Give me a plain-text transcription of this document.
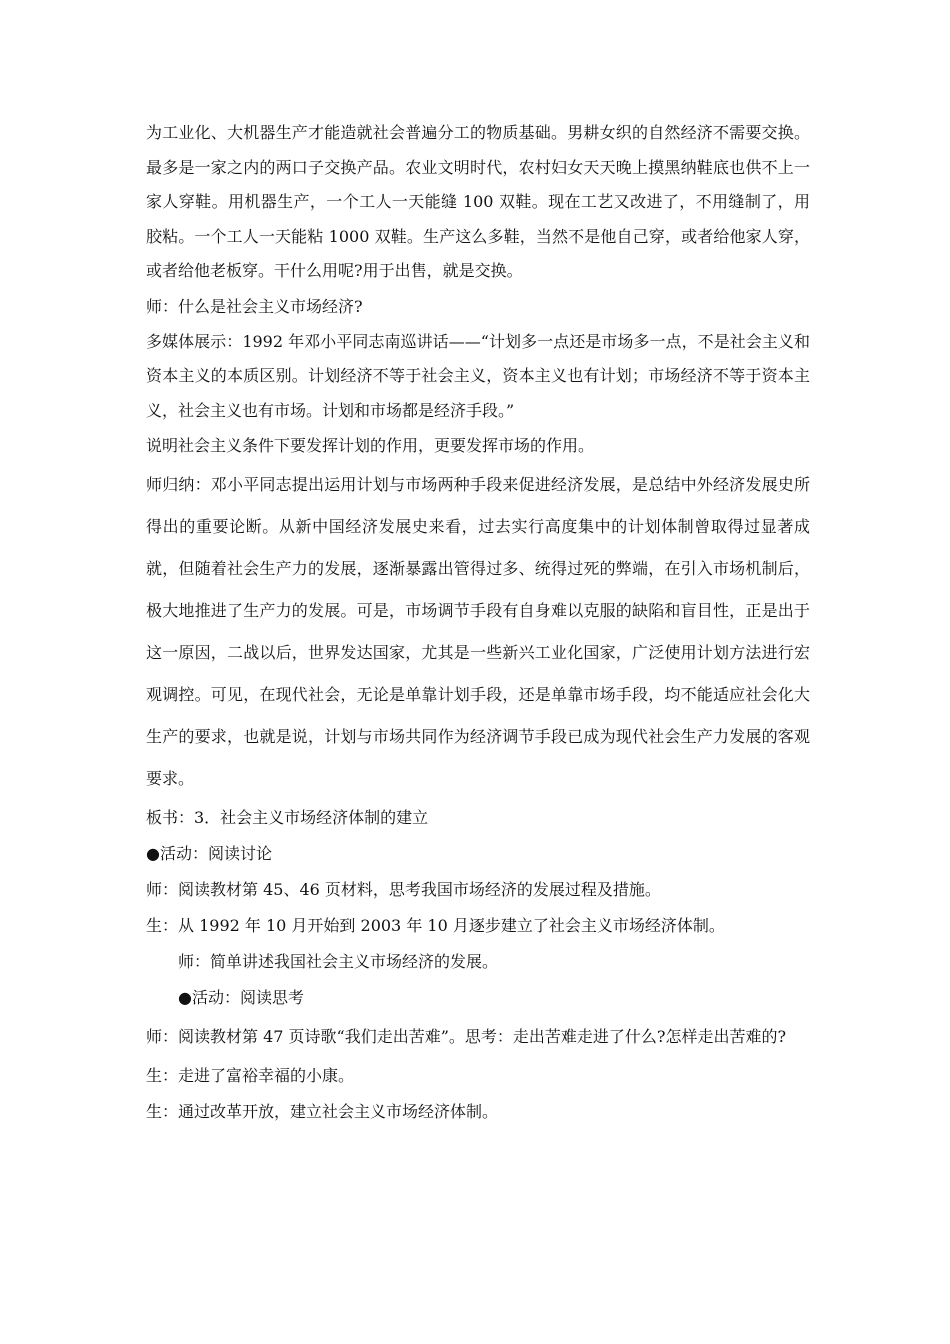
为工业化、大机器生产才能造就社会普遍分工的物质基础。男耕女织的自然经济不需要交换。最多是一家之内的两口子交换产品。农业文明时代，农村妇女天天晚上摸黑纳鞋底也供不上一家人穿鞋。用机器生产，一个工人一天能缝 100 双鞋。现在工艺又改进了，不用缝制了，用胶粘。一个工人一天能粘 1000 双鞋。生产这么多鞋，当然不是他自己穿，或者给他家人穿，或者给他老板穿。干什么用呢?用于出售，就是交换。

师：什么是社会主义市场经济?

多媒体展示：1992 年邓小平同志南巡讲话——“计划多一点还是市场多一点，不是社会主义和资本主义的本质区别。计划经济不等于社会主义，资本主义也有计划；市场经济不等于资本主义，社会主义也有市场。计划和市场都是经济手段。”

说明社会主义条件下要发挥计划的作用，更要发挥市场的作用。

师归纳：邓小平同志提出运用计划与市场两种手段来促进经济发展，是总结中外经济发展史所得出的重要论断。从新中国经济发展史来看，过去实行高度集中的计划体制曾取得过显著成就，但随着社会生产力的发展，逐渐暴露出管得过多、统得过死的弊端，在引入市场机制后，极大地推进了生产力的发展。可是，市场调节手段有自身难以克服的缺陷和盲目性，正是出于这一原因，二战以后，世界发达国家，尤其是一些新兴工业化国家，广泛使用计划方法进行宏观调控。可见，在现代社会，无论是单靠计划手段，还是单靠市场手段，均不能适应社会化大生产的要求，也就是说，计划与市场共同作为经济调节手段已成为现代社会生产力发展的客观要求。

板书：3．社会主义市场经济体制的建立

●活动：阅读讨论

师：阅读教材第 45、46 页材料，思考我国市场经济的发展过程及措施。

生：从 1992 年 10 月开始到 2003 年 10 月逐步建立了社会主义市场经济体制。

师：简单讲述我国社会主义市场经济的发展。

●活动：阅读思考

师：阅读教材第 47 页诗歌“我们走出苦难”。思考：走出苦难走进了什么?怎样走出苦难的?

生：走进了富裕幸福的小康。

生：通过改革开放，建立社会主义市场经济体制。
